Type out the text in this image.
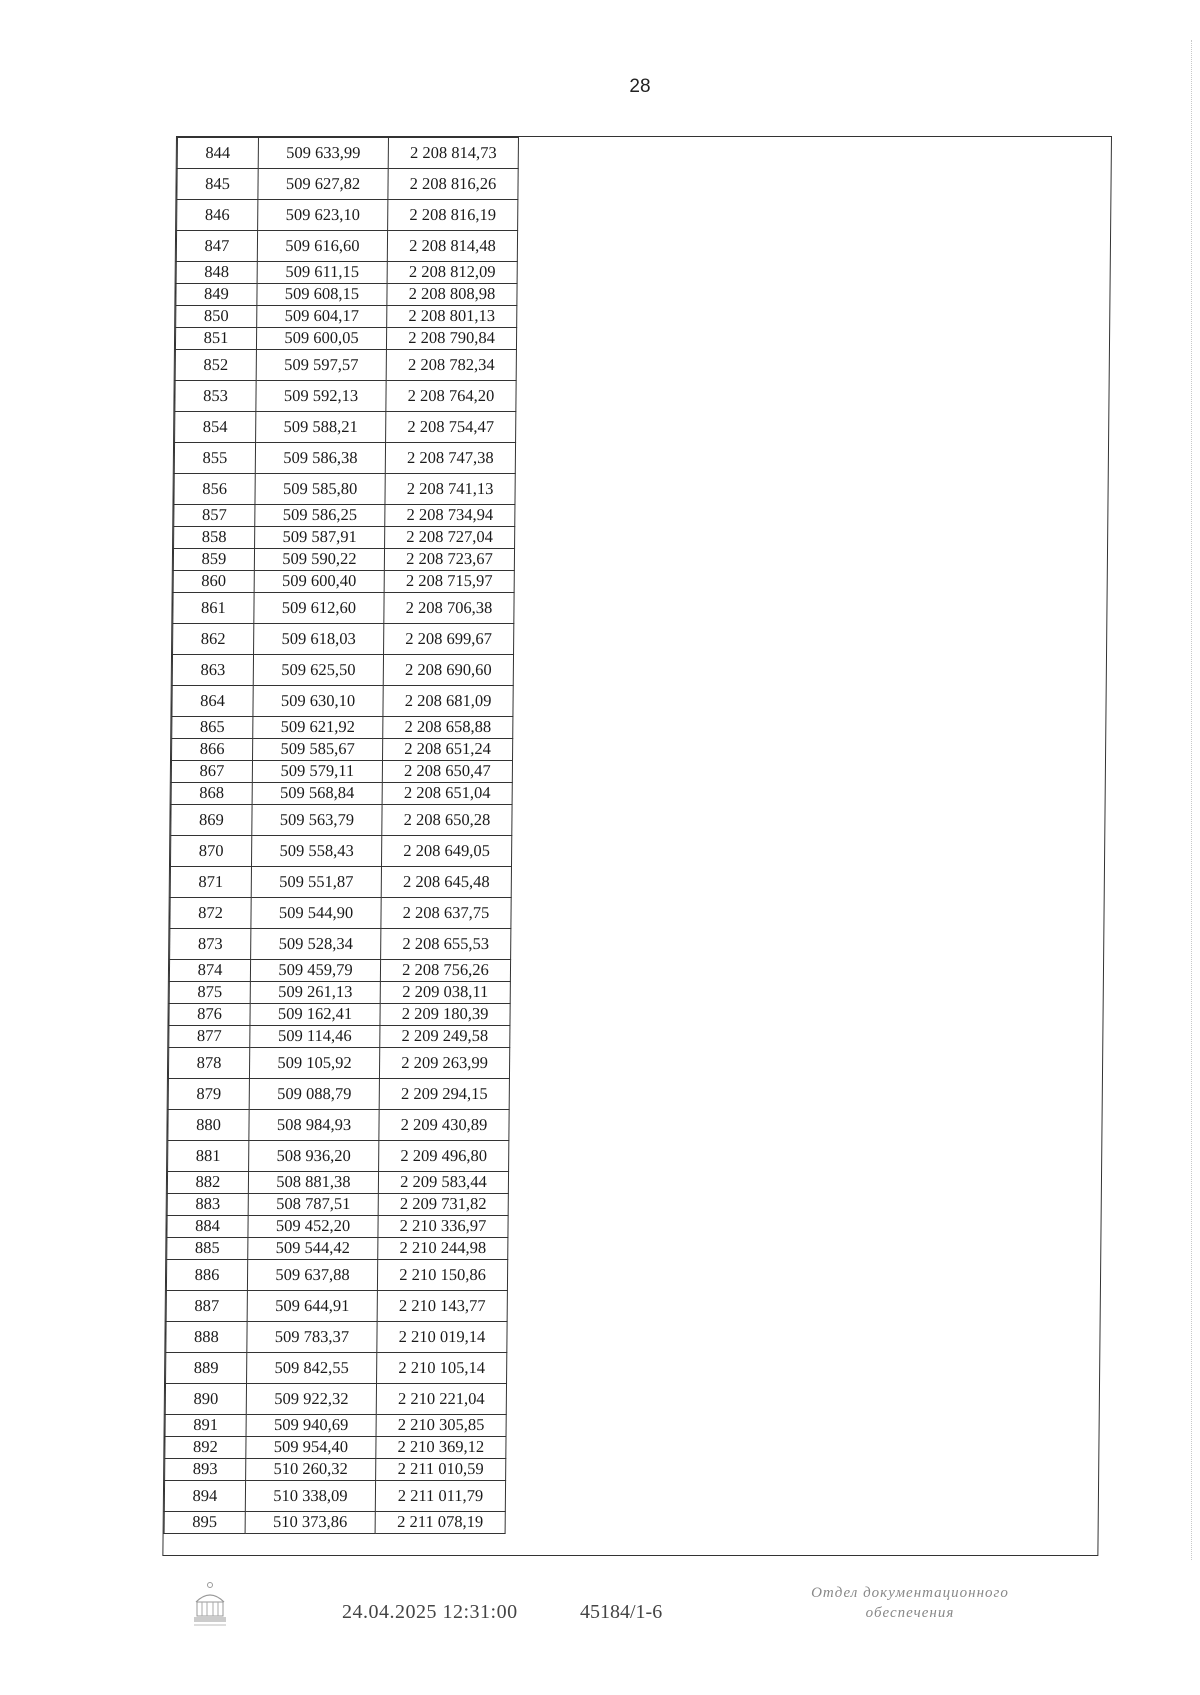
28
844	509 633,99	2 208 814,73
845	509 627,82	2 208 816,26
846	509 623,10	2 208 816,19
847	509 616,60	2 208 814,48
848	509 611,15	2 208 812,09
849	509 608,15	2 208 808,98
850	509 604,17	2 208 801,13
851	509 600,05	2 208 790,84
852	509 597,57	2 208 782,34
853	509 592,13	2 208 764,20
854	509 588,21	2 208 754,47
855	509 586,38	2 208 747,38
856	509 585,80	2 208 741,13
857	509 586,25	2 208 734,94
858	509 587,91	2 208 727,04
859	509 590,22	2 208 723,67
860	509 600,40	2 208 715,97
861	509 612,60	2 208 706,38
862	509 618,03	2 208 699,67
863	509 625,50	2 208 690,60
864	509 630,10	2 208 681,09
865	509 621,92	2 208 658,88
866	509 585,67	2 208 651,24
867	509 579,11	2 208 650,47
868	509 568,84	2 208 651,04
869	509 563,79	2 208 650,28
870	509 558,43	2 208 649,05
871	509 551,87	2 208 645,48
872	509 544,90	2 208 637,75
873	509 528,34	2 208 655,53
874	509 459,79	2 208 756,26
875	509 261,13	2 209 038,11
876	509 162,41	2 209 180,39
877	509 114,46	2 209 249,58
878	509 105,92	2 209 263,99
879	509 088,79	2 209 294,15
880	508 984,93	2 209 430,89
881	508 936,20	2 209 496,80
882	508 881,38	2 209 583,44
883	508 787,51	2 209 731,82
884	509 452,20	2 210 336,97
885	509 544,42	2 210 244,98
886	509 637,88	2 210 150,86
887	509 644,91	2 210 143,77
888	509 783,37	2 210 019,14
889	509 842,55	2 210 105,14
890	509 922,32	2 210 221,04
891	509 940,69	2 210 305,85
892	509 954,40	2 210 369,12
893	510 260,32	2 211 010,59
894	510 338,09	2 211 011,79
895	510 373,86	2 211 078,19
24.04.2025 12:31:00	45184/1-6
Отдел документационного
обеспечения
